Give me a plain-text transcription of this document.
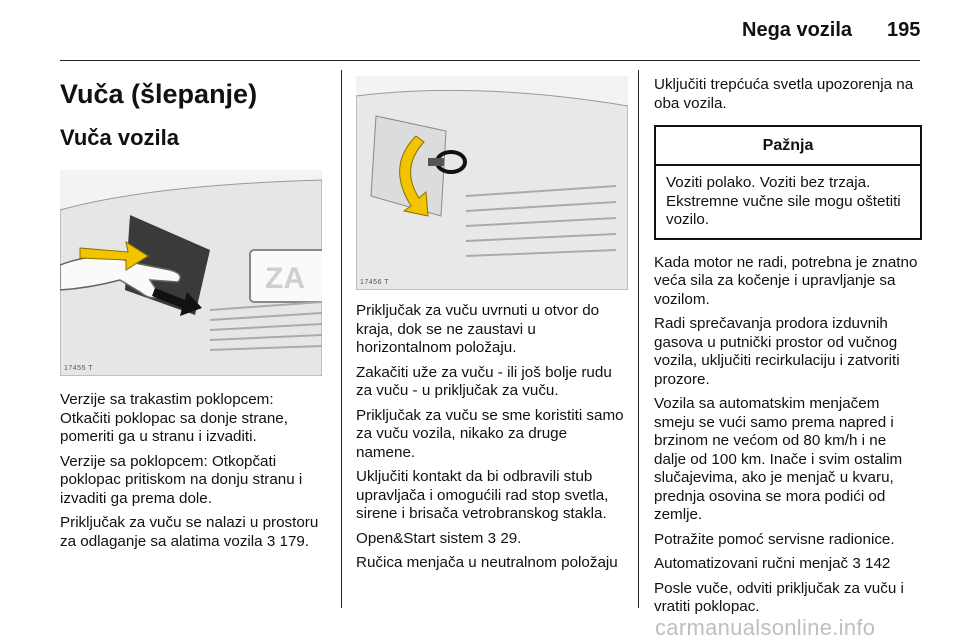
Nega vozila 195
Vuča (šlepanje)
Vuča vozila
ZA
17455 T

Verzije sa trakastim poklopcem: Otkačiti poklopac sa donje strane, pomeriti ga u stranu i izvaditi.

Verzije sa poklopcem: Otkopčati poklopac pritiskom na donju stranu i izvaditi ga prema dole.

Priključak za vuču se nalazi u prostoru za odlaganje sa alatima vozila 3 179.

17456 T

Priključak za vuču uvrnuti u otvor do kraja, dok se ne zaustavi u horizontalnom položaju.

Zakačiti uže za vuču - ili još bolje rudu za vuču - u priključak za vuču.

Priključak za vuču se sme koristiti samo za vuču vozila, nikako za druge namene.

Uključiti kontakt da bi odbravili stub upravljača i omogućili rad stop svetla, sirene i brisača vetrobranskog stakla.

Open&Start sistem 3 29.

Ručica menjača u neutralnom položaju

Uključiti trepćuća svetla upozorenja na oba vozila.

Pažnja
Voziti polako. Voziti bez trzaja. Ekstremne vučne sile mogu oštetiti vozilo.

Kada motor ne radi, potrebna je znatno veća sila za kočenje i upravljanje sa vozilom.

Radi sprečavanja prodora izduvnih gasova u putnički prostor od vučnog vozila, uključiti recirkulaciju i zatvoriti prozore.

Vozila sa automatskim menjačem smeju se vući samo prema napred i brzinom ne većom od 80 km/h i ne dalje od 100 km. Inače i svim ostalim slučajevima, ako je menjač u kvaru, prednja osovina se mora podići od zemlje.

Potražite pomoć servisne radionice.

Automatizovani ručni menjač 3 142

Posle vuče, odviti priključak za vuču i vratiti poklopac.

carmanualsonline.info
